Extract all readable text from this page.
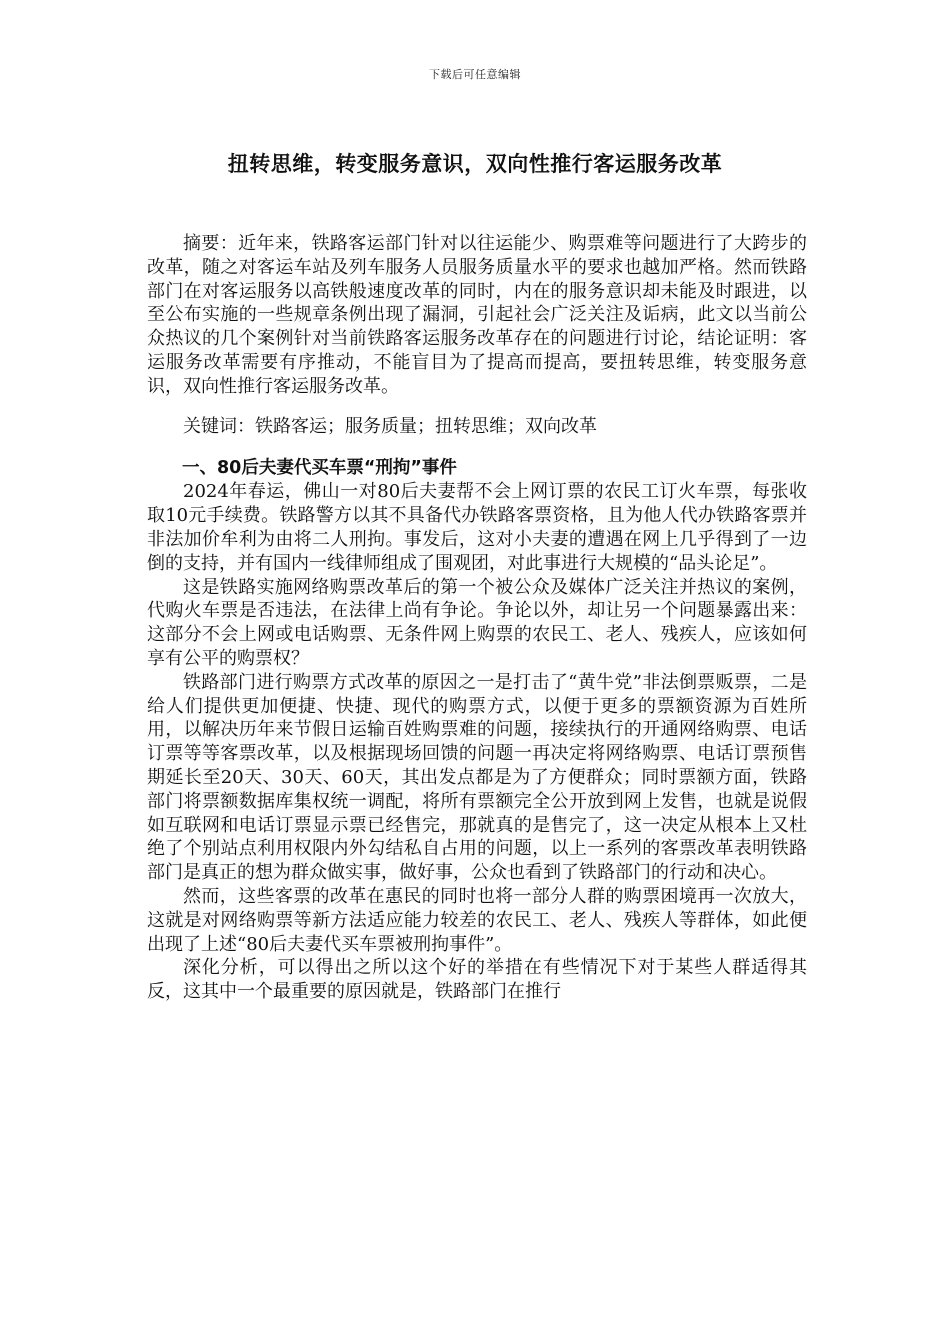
下载后可任意编辑
扭转思维，转变服务意识，双向性推行客运服务改革

摘要：近年来，铁路客运部门针对以往运能少、购票难等问题进行了大跨步的改革，随之对客运车站及列车服务人员服务质量水平的要求也越加严格。然而铁路部门在对客运服务以高铁般速度改革的同时，内在的服务意识却未能及时跟进，以至公布实施的一些规章条例出现了漏洞，引起社会广泛关注及诟病，此文以当前公众热议的几个案例针对当前铁路客运服务改革存在的问题进行讨论，结论证明：客运服务改革需要有序推动，不能盲目为了提高而提高，要扭转思维，转变服务意识，双向性推行客运服务改革。

关键词：铁路客运；服务质量；扭转思维；双向改革

一、80后夫妻代买车票“刑拘”事件

2024年春运，佛山一对80后夫妻帮不会上网订票的农民工订火车票，每张收取10元手续费。铁路警方以其不具备代办铁路客票资格，且为他人代办铁路客票并非法加价牟利为由将二人刑拘。事发后，这对小夫妻的遭遇在网上几乎得到了一边倒的支持，并有国内一线律师组成了围观团，对此事进行大规模的“品头论足”。

这是铁路实施网络购票改革后的第一个被公众及媒体广泛关注并热议的案例，代购火车票是否违法，在法律上尚有争论。争论以外，却让另一个问题暴露出来：这部分不会上网或电话购票、无条件网上购票的农民工、老人、残疾人，应该如何享有公平的购票权？

铁路部门进行购票方式改革的原因之一是打击了“黄牛党”非法倒票贩票，二是给人们提供更加便捷、快捷、现代的购票方式，以便于更多的票额资源为百姓所用，以解决历年来节假日运输百姓购票难的问题，接续执行的开通网络购票、电话订票等等客票改革，以及根据现场回馈的问题一再决定将网络购票、电话订票预售期延长至20天、30天、60天，其出发点都是为了方便群众；同时票额方面，铁路部门将票额数据库集权统一调配，将所有票额完全公开放到网上发售，也就是说假如互联网和电话订票显示票已经售完，那就真的是售完了，这一决定从根本上又杜绝了个别站点利用权限内外勾结私自占用的问题，以上一系列的客票改革表明铁路部门是真正的想为群众做实事，做好事，公众也看到了铁路部门的行动和决心。

然而，这些客票的改革在惠民的同时也将一部分人群的购票困境再一次放大，这就是对网络购票等新方法适应能力较差的农民工、老人、残疾人等群体，如此便出现了上述“80后夫妻代买车票被刑拘事件”。

深化分析，可以得出之所以这个好的举措在有些情况下对于某些人群适得其反，这其中一个最重要的原因就是，铁路部门在推行
